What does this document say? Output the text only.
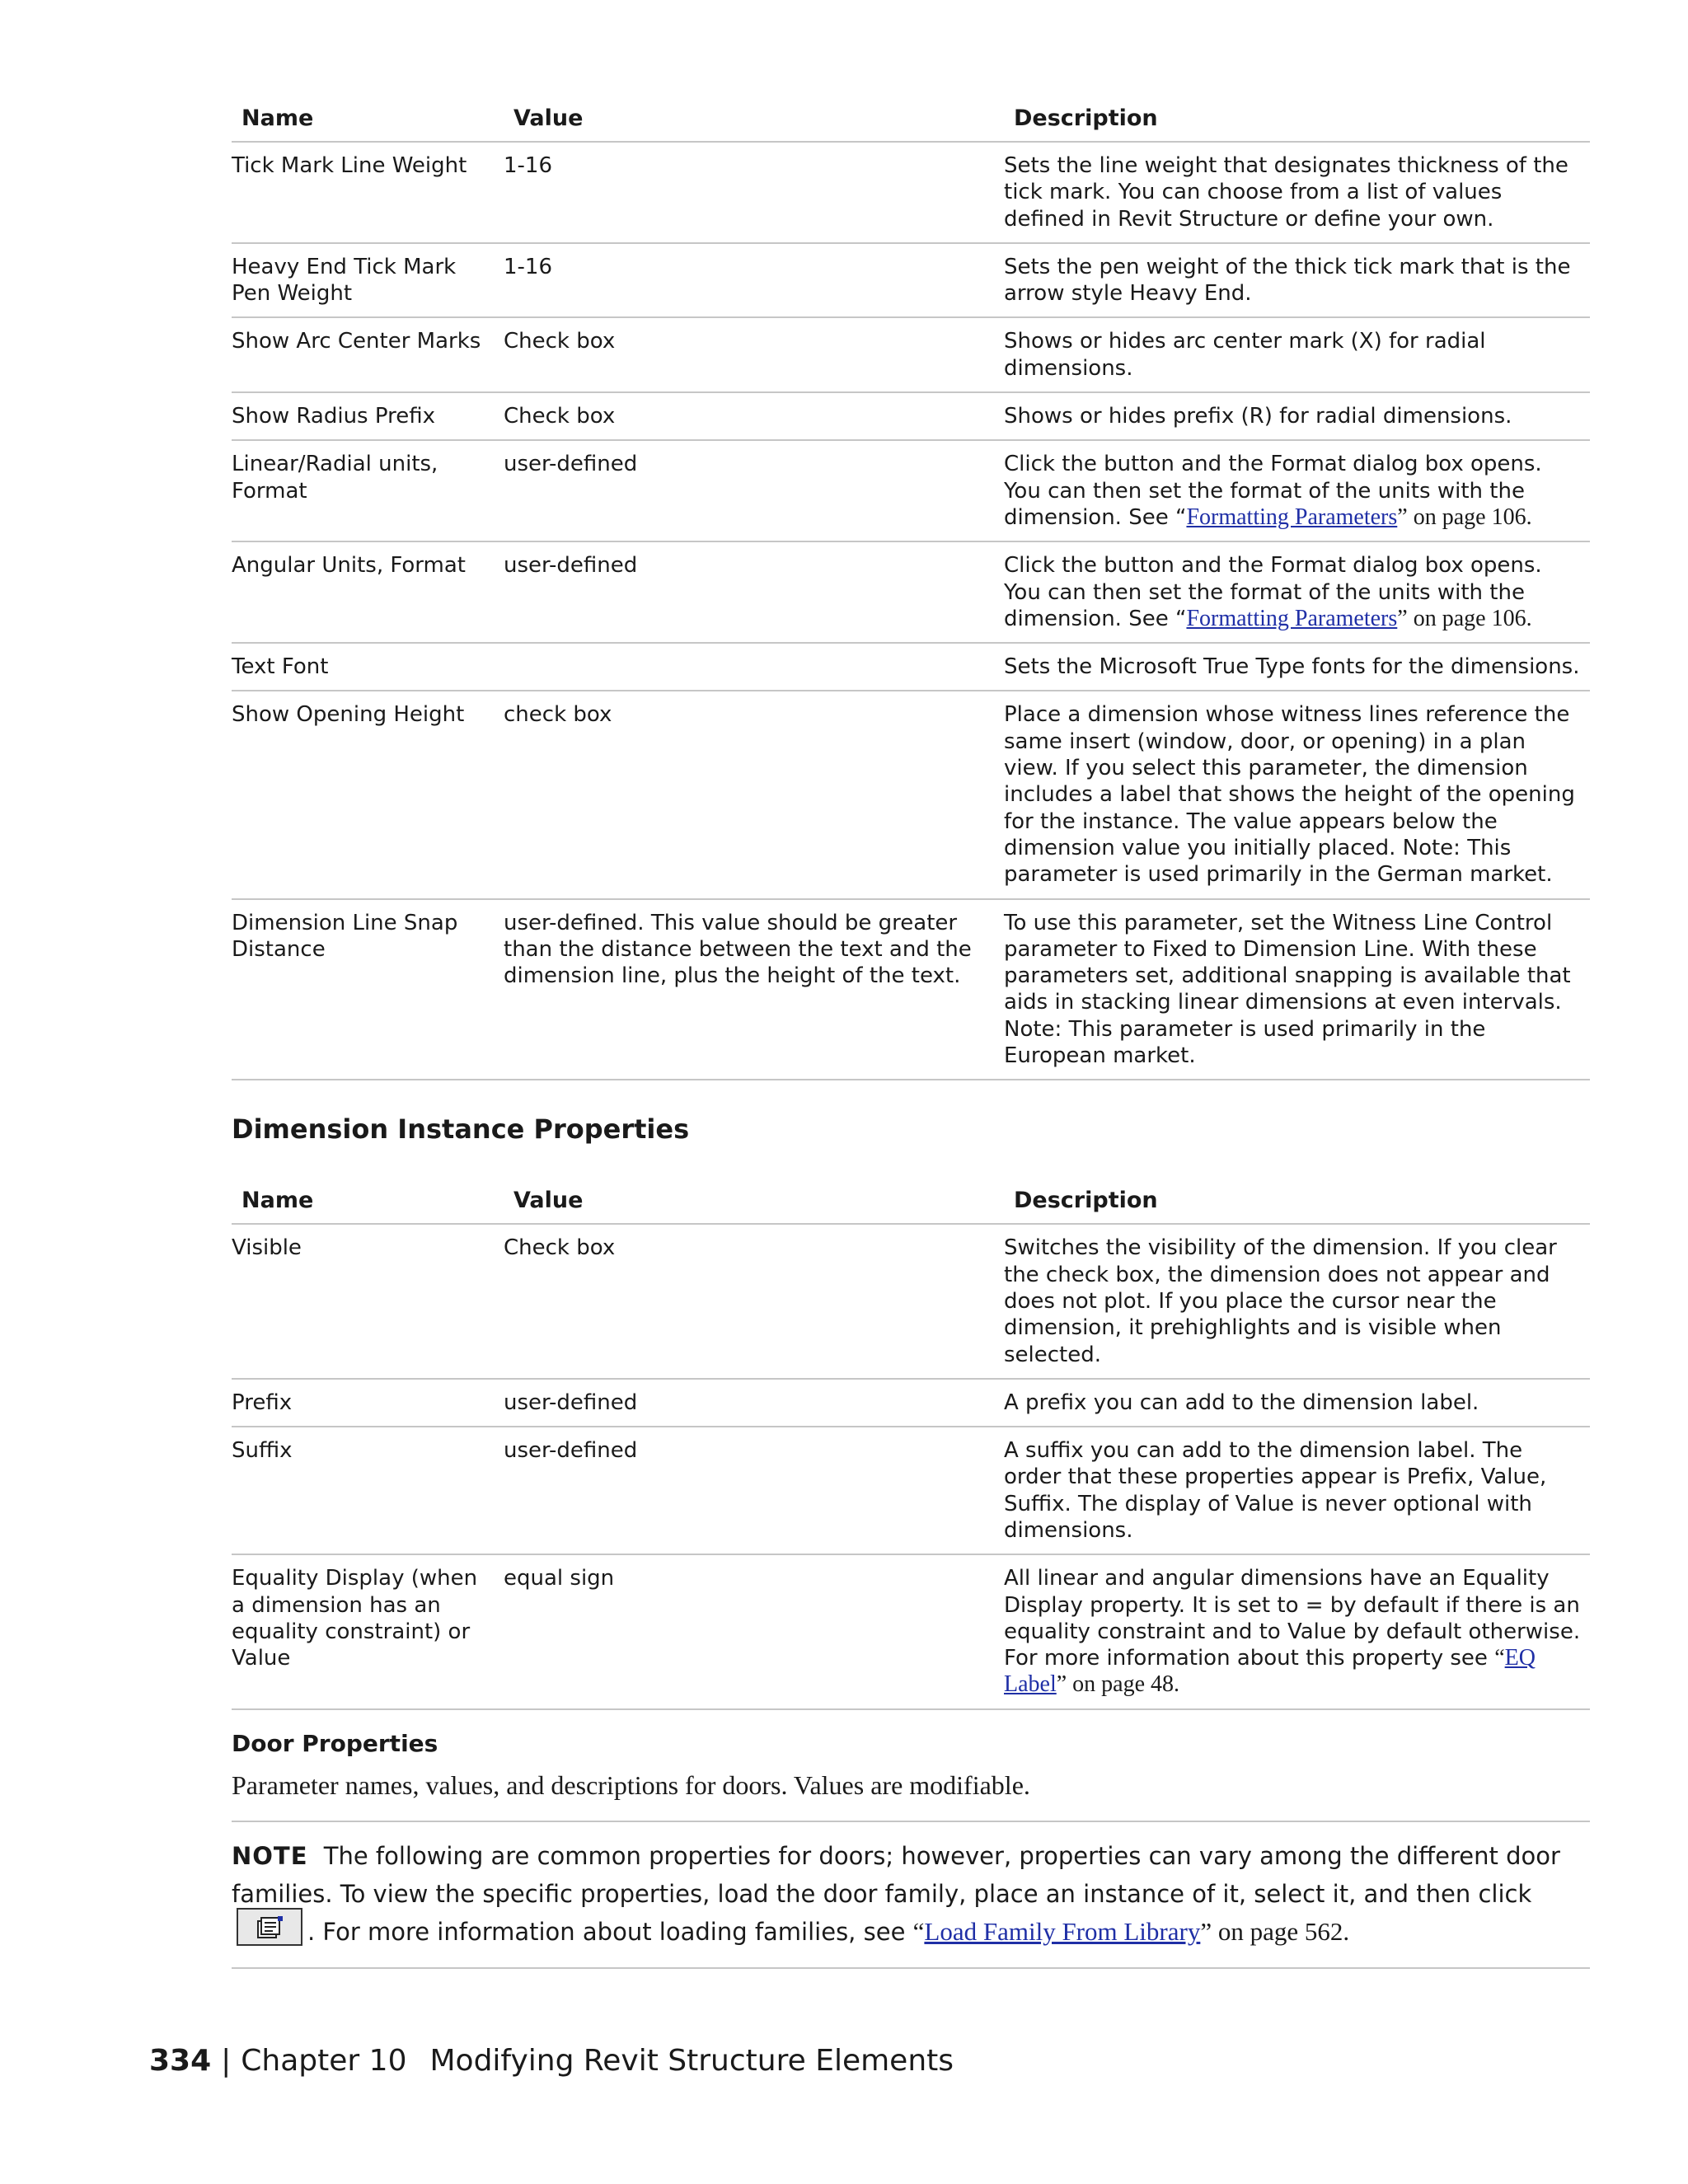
Name	Value	Description
Tick Mark Line Weight	1-16	Sets the line weight that designates thickness of the tick mark. You can choose from a list of values defined in Revit Structure or define your own.
Heavy End Tick Mark Pen Weight	1-16	Sets the pen weight of the thick tick mark that is the arrow style Heavy End.
Show Arc Center Marks	Check box	Shows or hides arc center mark (X) for radial dimensions.
Show Radius Prefix	Check box	Shows or hides prefix (R) for radial dimensions.
Linear/Radial units, Format	user-defined	Click the button and the Format dialog box opens. You can then set the format of the units with the dimension. See “Formatting Parameters” on page 106.
Angular Units, Format	user-defined	Click the button and the Format dialog box opens. You can then set the format of the units with the dimension. See “Formatting Parameters” on page 106.
Text Font		Sets the Microsoft True Type fonts for the dimensions.
Show Opening Height	check box	Place a dimension whose witness lines reference the same insert (window, door, or opening) in a plan view. If you select this parameter, the dimension includes a label that shows the height of the opening for the instance. The value appears below the dimension value you initially placed. Note: This parameter is used primarily in the German market.
Dimension Line Snap Distance	user-defined. This value should be greater than the distance between the text and the dimension line, plus the height of the text.	To use this parameter, set the Witness Line Control parameter to Fixed to Dimension Line. With these parameters set, additional snapping is available that aids in stacking linear dimensions at even intervals. Note: This parameter is used primarily in the European market.
Dimension Instance Properties
Name	Value	Description
Visible	Check box	Switches the visibility of the dimension. If you clear the check box, the dimension does not appear and does not plot. If you place the cursor near the dimension, it prehighlights and is visible when selected.
Prefix	user-defined	A prefix you can add to the dimension label.
Suffix	user-defined	A suffix you can add to the dimension label. The order that these properties appear is Prefix, Value, Suffix. The display of Value is never optional with dimensions.
Equality Display (when a dimension has an equality constraint) or Value	equal sign	All linear and angular dimensions have an Equality Display property. It is set to = by default if there is an equality constraint and to Value by default otherwise. For more information about this property see “EQ Label” on page 48.
Door Properties

Parameter names, values, and descriptions for doors. Values are modifiable.

NOTE The following are common properties for doors; however, properties can vary among the different door families. To view the specific properties, load the door family, place an instance of it, select it, and then click
. For more information about loading families, see “Load Family From Library” on page 562.
334 | Chapter 10 Modifying Revit Structure Elements
